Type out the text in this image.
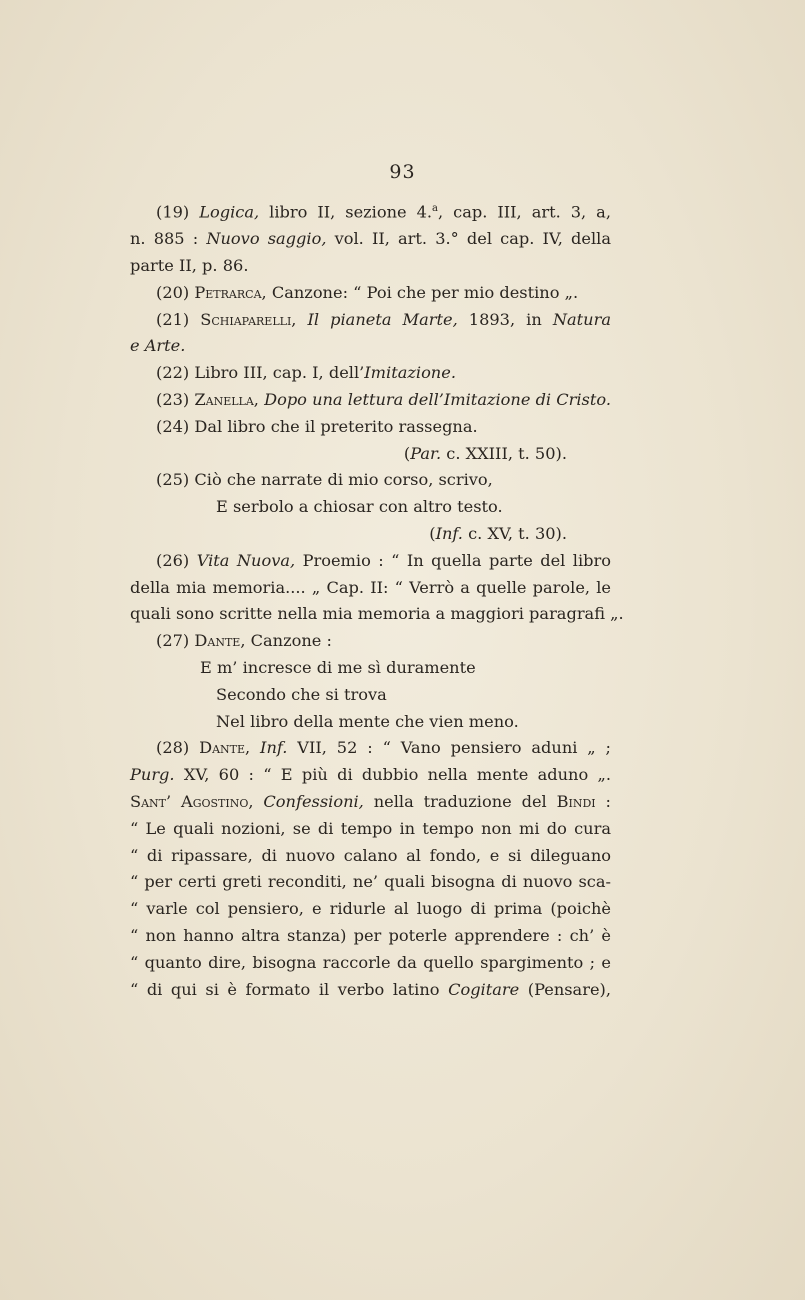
93
(19) Logica, libro II, sezione 4.$^a$, cap. III, art. 3, a,
n. 885 : Nuovo saggio, vol. II, art. 3.° del cap. IV, della
parte II, p. 86.
(20) Petrarca, Canzone: “ Poi che per mio destino „.
(21) Schiaparelli, Il pianeta Marte, 1893, in Natura
e Arte.
(22) Libro III, cap. I, dell’Imitazione.
(23) Zanella, Dopo una lettura dell’Imitazione di Cristo.
(24) Dal libro che il preterito rassegna.
(Par. c. XXIII, t. 50).
(25) Ciò che narrate di mio corso, scrivo,
E serbolo a chiosar con altro testo.
(Inf. c. XV, t. 30).
(26) Vita Nuova, Proemio : “ In quella parte del libro
della mia memoria.... „ Cap. II: “ Verrò a quelle parole, le
quali sono scritte nella mia memoria a maggiori paragrafi „.
(27) Dante, Canzone :
E m’ incresce di me sì duramente
Secondo che si trova
Nel libro della mente che vien meno.
(28) Dante, Inf. VII, 52 : “ Vano pensiero aduni „ ;
Purg. XV, 60 : “ E più di dubbio nella mente aduno „.
Sant’ Agostino, Confessioni, nella traduzione del Bindi :
“ Le quali nozioni, se di tempo in tempo non mi do cura
“ di ripassare, di nuovo calano al fondo, e si dileguano
“ per certi greti reconditi, ne’ quali bisogna di nuovo sca-
“ varle col pensiero, e ridurle al luogo di prima (poichè
“ non hanno altra stanza) per poterle apprendere : ch’ è
“ quanto dire, bisogna raccorle da quello spargimento ; e
“ di qui si è formato il verbo latino Cogitare (Pensare),
